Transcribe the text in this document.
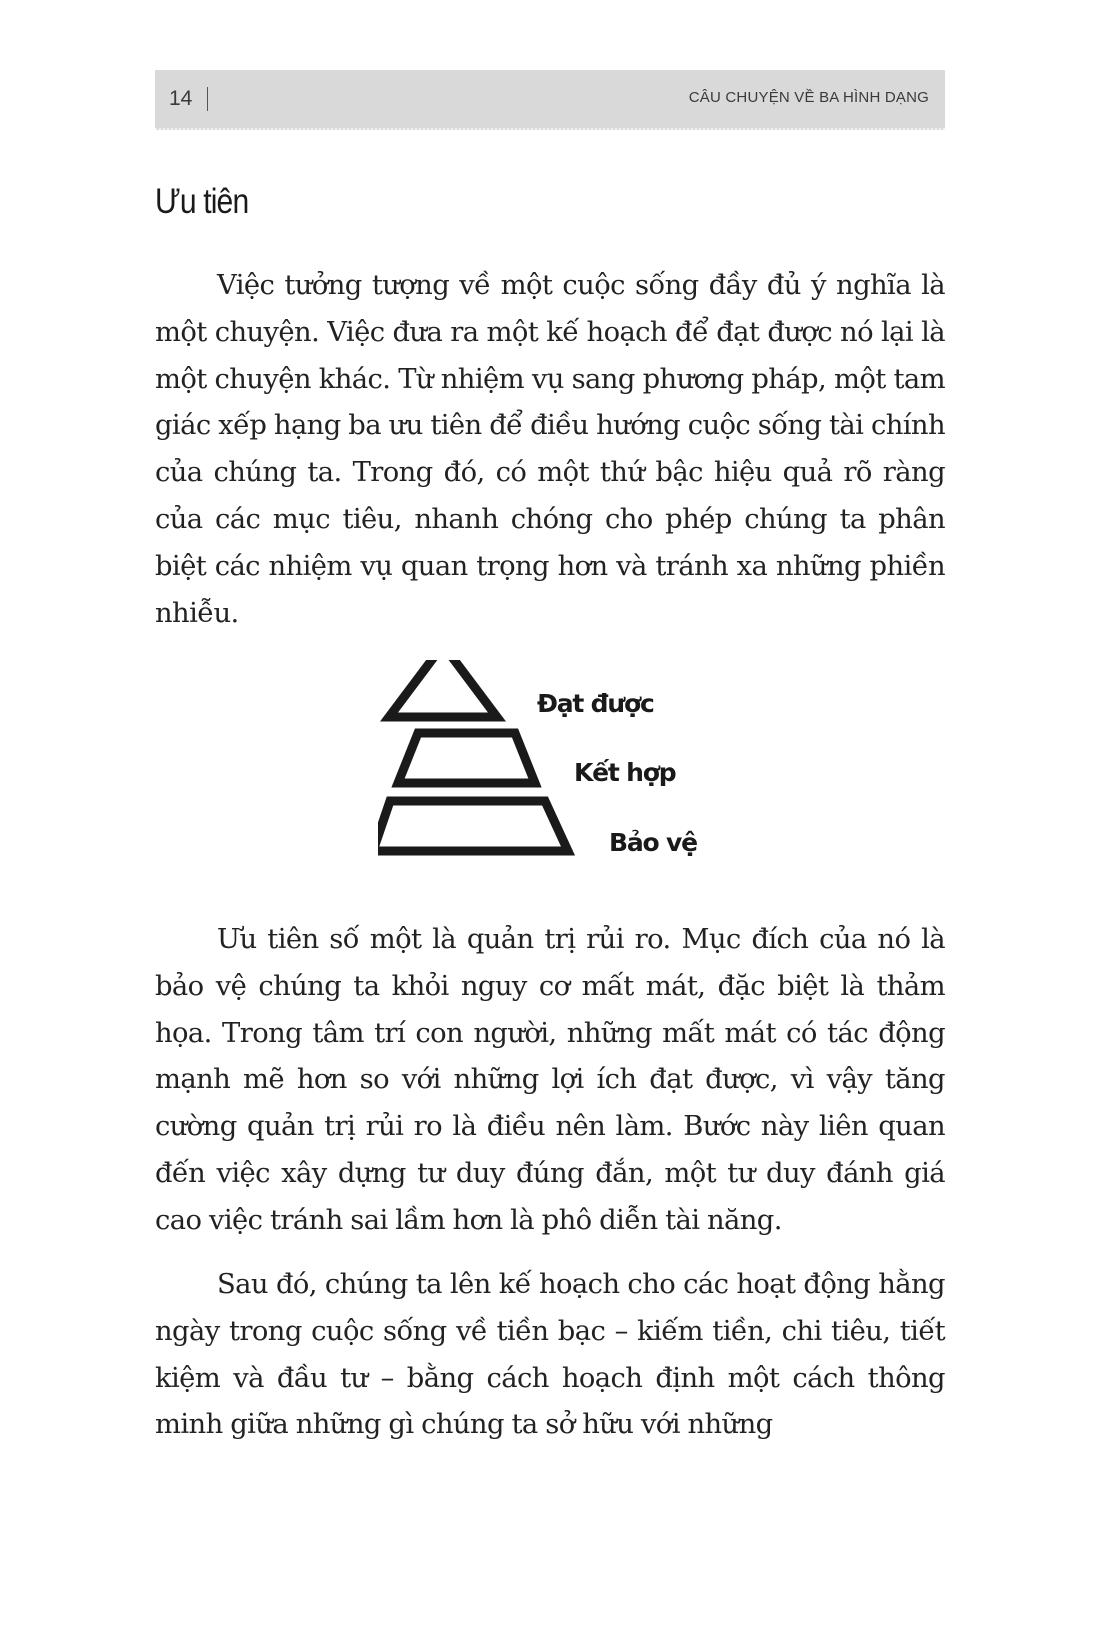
14	CÂU CHUYỆN VỀ BA HÌNH DẠNG
Ưu tiên

Việc tưởng tượng về một cuộc sống đầy đủ ý nghĩa là một chuyện. Việc đưa ra một kế hoạch để đạt được nó lại là một chuyện khác. Từ nhiệm vụ sang phương pháp, một tam giác xếp hạng ba ưu tiên để điều hướng cuộc sống tài chính của chúng ta. Trong đó, có một thứ bậc hiệu quả rõ ràng của các mục tiêu, nhanh chóng cho phép chúng ta phân biệt các nhiệm vụ quan trọng hơn và tránh xa những phiền nhiễu.

Đạt được
Kết hợp
Bảo vệ

Ưu tiên số một là quản trị rủi ro. Mục đích của nó là bảo vệ chúng ta khỏi nguy cơ mất mát, đặc biệt là thảm họa. Trong tâm trí con người, những mất mát có tác động mạnh mẽ hơn so với những lợi ích đạt được, vì vậy tăng cường quản trị rủi ro là điều nên làm. Bước này liên quan đến việc xây dựng tư duy đúng đắn, một tư duy đánh giá cao việc tránh sai lầm hơn là phô diễn tài năng.

Sau đó, chúng ta lên kế hoạch cho các hoạt động hằng ngày trong cuộc sống về tiền bạc – kiếm tiền, chi tiêu, tiết kiệm và đầu tư – bằng cách hoạch định một cách thông minh giữa những gì chúng ta sở hữu với những
